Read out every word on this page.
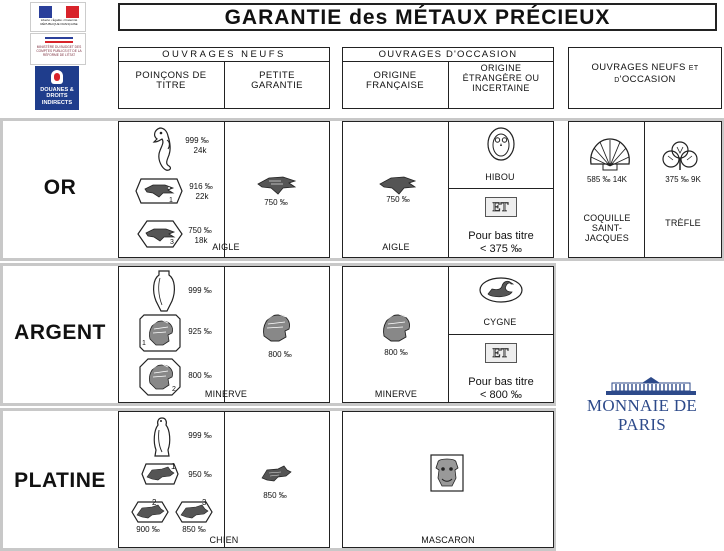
Liberté • Égalité • Fraternité
RÉPUBLIQUE FRANÇAISE
MINISTÈRE DU BUDGET DES COMPTES PUBLICS ET DE LA RÉFORME DE L'ÉTAT
DOUANES & DROITS INDIRECTS
GARANTIE des MÉTAUX PRÉCIEUX
OUVRAGES NEUFS
POINÇONS DE TITRE
PETITE GARANTIE
OUVRAGES D'OCCASION
ORIGINE FRANÇAISE
ORIGINE ÉTRANGÈRE OU INCERTAINE
OUVRAGES NEUFS et d'OCCASION
OR
ARGENT
PLATINE
999 ‰
24k
1
916 ‰
22k
3
750 ‰
18k
750 ‰
AIGLE
750 ‰
AIGLE
HIBOU
ET
Pour bas titre
< 375 ‰
585 ‰ 14K
COQUILLE SAINT-JACQUES
375 ‰ 9K
TRÈFLE
999 ‰
1
925 ‰
2
800 ‰
800 ‰
MINERVE
800 ‰
MINERVE
CYGNE
ET
Pour bas titre
< 800 ‰
999 ‰
1
950 ‰
2
900 ‰
3
850 ‰
850 ‰
CHIEN	MASCARON
MONNAIE DE PARIS
